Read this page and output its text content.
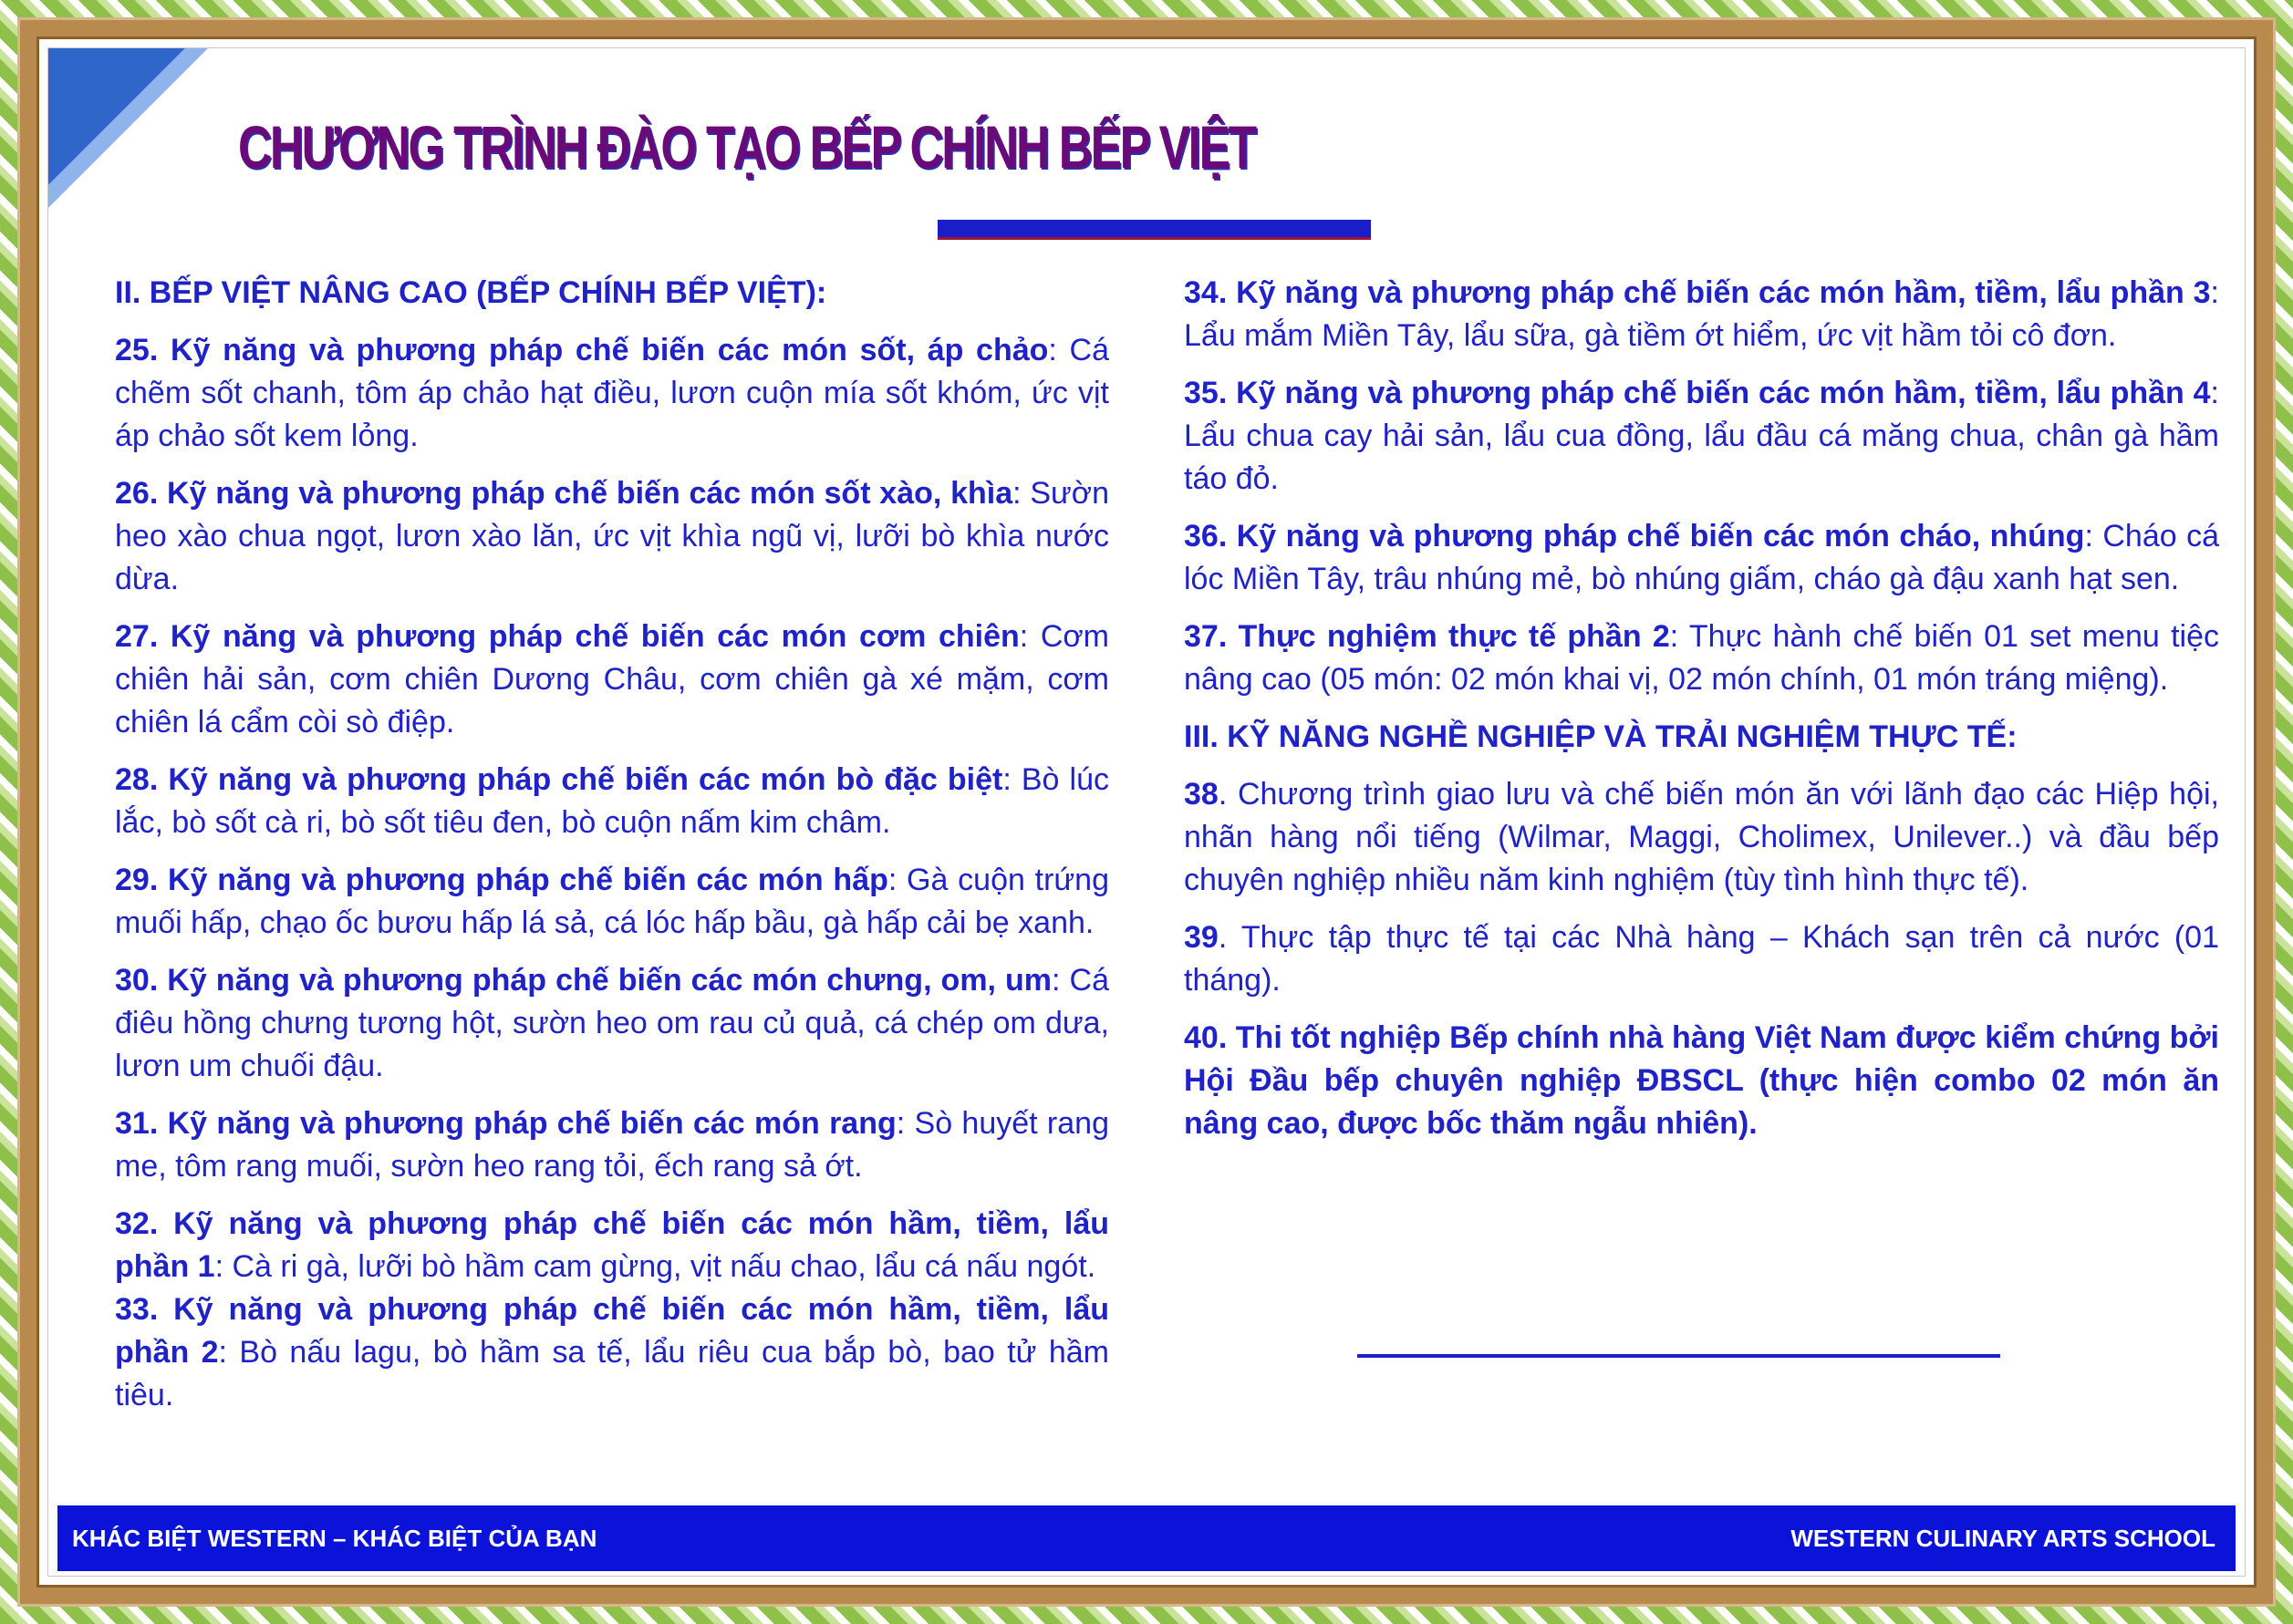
CHƯƠNG TRÌNH ĐÀO TẠO BẾP CHÍNH BẾP VIỆT
II. BẾP VIỆT NÂNG CAO (BẾP CHÍNH BẾP VIỆT):
25. Kỹ năng và phương pháp chế biến các món sốt, áp chảo: Cá chẽm sốt chanh, tôm áp chảo hạt điều, lươn cuộn mía sốt khóm, ức vịt áp chảo sốt kem lỏng.
26. Kỹ năng và phương pháp chế biến các món sốt xào, khìa: Sườn heo xào chua ngọt, lươn xào lăn, ức vịt khìa ngũ vị, lưỡi bò khìa nước dừa.
27. Kỹ năng và phương pháp chế biến các món cơm chiên: Cơm chiên hải sản, cơm chiên Dương Châu, cơm chiên gà xé mặm, cơm chiên lá cẩm còi sò điệp.
28. Kỹ năng và phương pháp chế biến các món bò đặc biệt: Bò lúc lắc, bò sốt cà ri, bò sốt tiêu đen, bò cuộn nấm kim châm.
29. Kỹ năng và phương pháp chế biến các món hấp: Gà cuộn trứng muối hấp, chạo ốc bươu hấp lá sả, cá lóc hấp bầu, gà hấp cải bẹ xanh.
30. Kỹ năng và phương pháp chế biến các món chưng, om, um: Cá điêu hồng chưng tương hột, sườn heo om rau củ quả, cá chép om dưa, lươn um chuối đậu.
31. Kỹ năng và phương pháp chế biến các món rang: Sò huyết rang me, tôm rang muối, sườn heo rang tỏi, ếch rang sả ớt.
32. Kỹ năng và phương pháp chế biến các món hầm, tiềm, lẩu phần 1: Cà ri gà, lưỡi bò hầm cam gừng, vịt nấu chao, lẩu cá nấu ngót.
33. Kỹ năng và phương pháp chế biến các món hầm, tiềm, lẩu phần 2: Bò nấu lagu, bò hầm sa tế, lẩu riêu cua bắp bò, bao tử hầm tiêu.
34. Kỹ năng và phương pháp chế biến các món hầm, tiềm, lẩu phần 3: Lẩu mắm Miền Tây, lẩu sữa, gà tiềm ớt hiểm, ức vịt hầm tỏi cô đơn.
35. Kỹ năng và phương pháp chế biến các món hầm, tiềm, lẩu phần 4: Lẩu chua cay hải sản, lẩu cua đồng, lẩu đầu cá măng chua, chân gà hầm táo đỏ.
36. Kỹ năng và phương pháp chế biến các món cháo, nhúng: Cháo cá lóc Miền Tây, trâu nhúng mẻ, bò nhúng giấm, cháo gà đậu xanh hạt sen.
37. Thực nghiệm thực tế phần 2: Thực hành chế biến 01 set menu tiệc nâng cao (05 món: 02 món khai vị, 02 món chính, 01 món tráng miệng).
III. KỸ NĂNG NGHỀ NGHIỆP VÀ TRẢI NGHIỆM THỰC TẾ:
38. Chương trình giao lưu và chế biến món ăn với lãnh đạo các Hiệp hội, nhãn hàng nổi tiếng (Wilmar, Maggi, Cholimex, Unilever..) và đầu bếp chuyên nghiệp nhiều năm kinh nghiệm (tùy tình hình thực tế).
39. Thực tập thực tế tại các Nhà hàng – Khách sạn trên cả nước (01 tháng).
40. Thi tốt nghiệp Bếp chính nhà hàng Việt Nam được kiểm chứng bởi Hội Đầu bếp chuyên nghiệp ĐBSCL (thực hiện combo 02 món ăn nâng cao, được bốc thăm ngẫu nhiên).
KHÁC BIỆT WESTERN – KHÁC BIỆT CỦA BẠN	WESTERN CULINARY ARTS SCHOOL
